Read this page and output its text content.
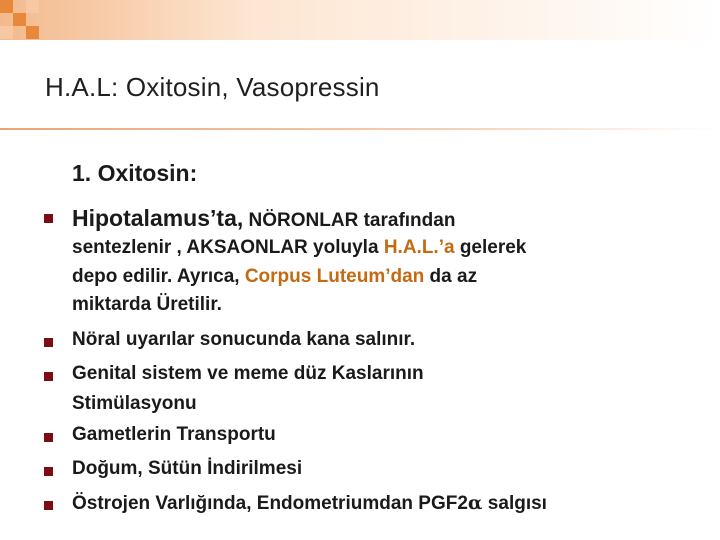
H.A.L: Oxitosin, Vasopressin
1. Oxitosin:
Hipotalamus’ta, NÖRONLAR tarafından
sentezlenir , AKSAONLAR yoluyla H.A.L.’a gelerek
depo edilir. Ayrıca, Corpus Luteum’dan da az
miktarda Üretilir.
Nöral uyarılar sonucunda kana salınır.
Genital sistem ve meme düz Kaslarının
Stimülasyonu
Gametlerin Transportu
Doğum, Sütün İndirilmesi
Östrojen Varlığında, Endometriumdan PGF2α salgısı
